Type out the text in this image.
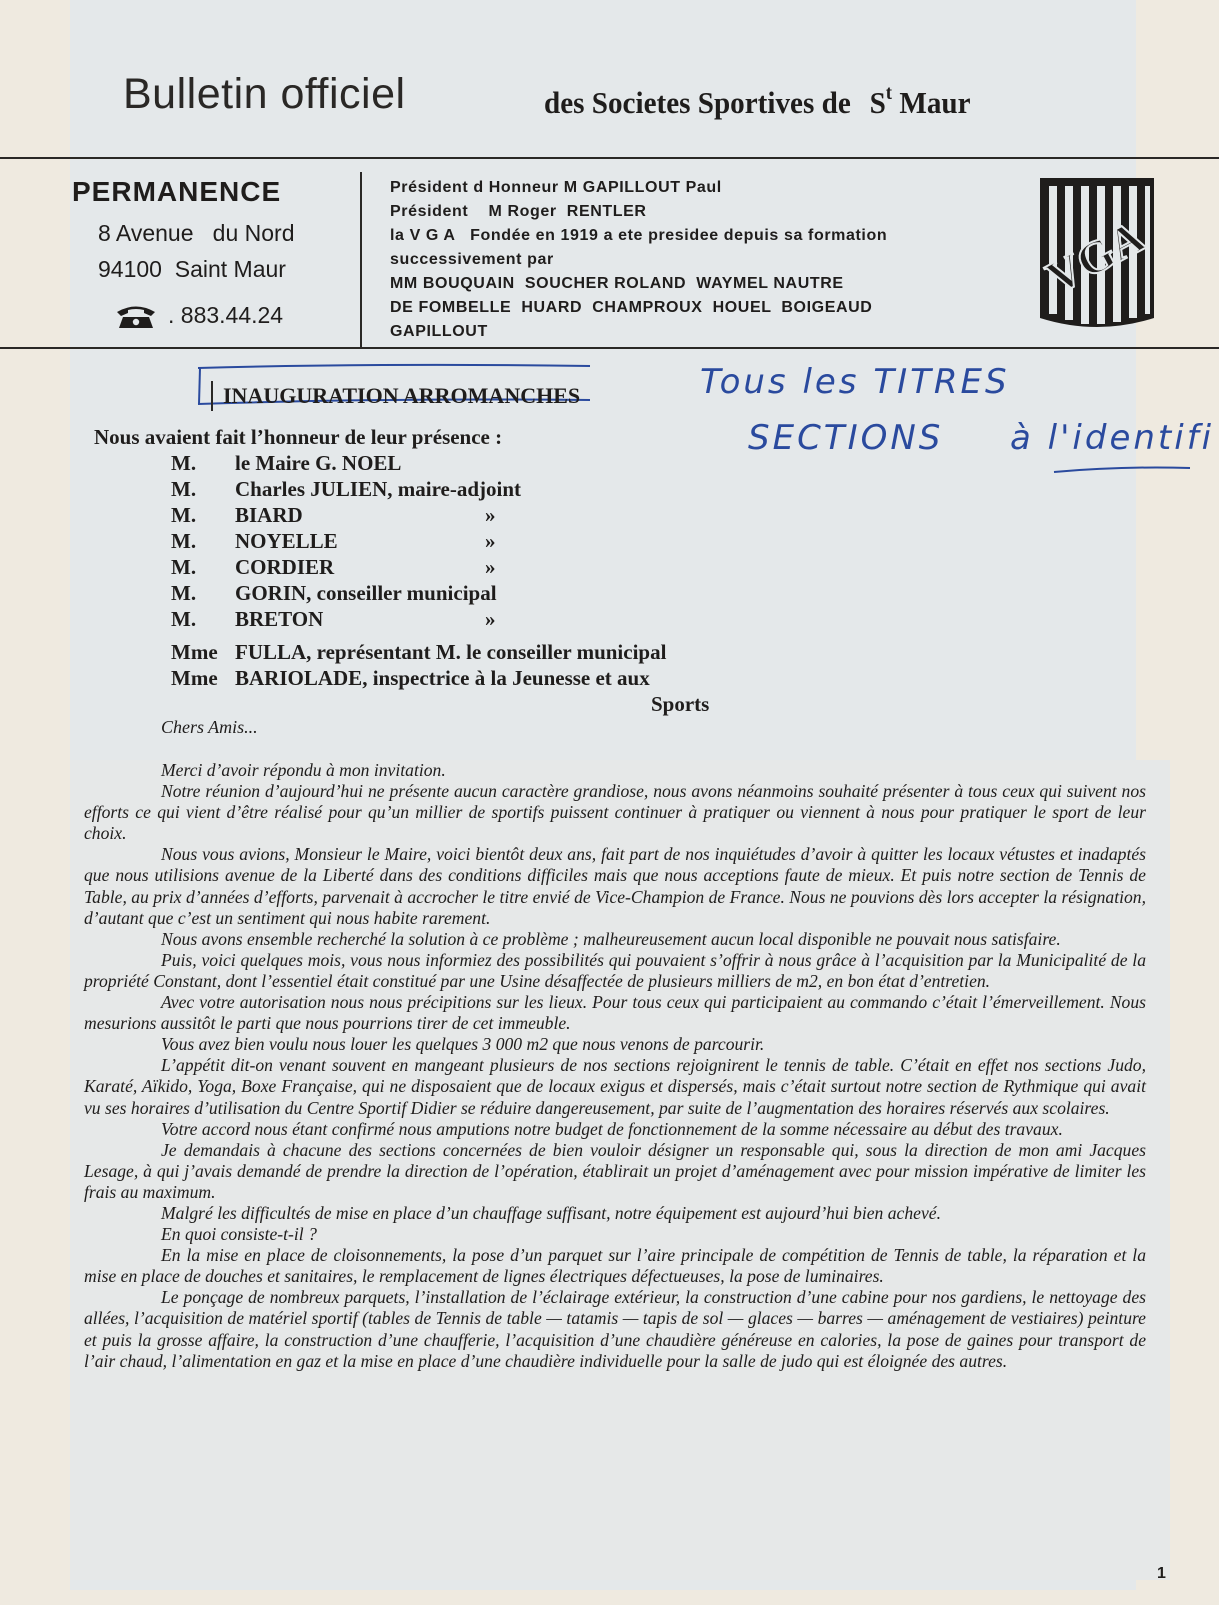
Bulletin officiel	des Societes Sportives de $S^t$ Maur
PERMANENCE
8 Avenue   du Nord
94100  Saint Maur
. 883.44.24
Président d Honneur M GAPILLOUT Paul
Président    M Roger  RENTLER
la V G A   Fondée en 1919 a ete presidee depuis sa formation
successivement par
MM BOUQUAIN  SOUCHER ROLAND  WAYMEL NAUTRE
DE FOMBELLE  HUARD  CHAMPROUX  HOUEL  BOIGEAUD
GAPILLOUT
VGA
INAUGURATION ARROMANCHES	Tous les TITRES
SECTIONS à l'identifi
Nous avaient fait l’honneur de leur présence :
M. le Maire G. NOEL
M. Charles JULIEN, maire-adjoint
M. BIARD	»
M. NOYELLE	»
M. CORDIER	»
M. GORIN, conseiller municipal
M. BRETON	»
Mme FULLA, représentant M. le conseiller municipal
Mme BARIOLADE, inspectrice à la Jeunesse et aux
Sports
Chers Amis...

Merci d’avoir répondu à mon invitation.

Notre réunion d’aujourd’hui ne présente aucun caractère grandiose, nous avons néanmoins souhaité présenter à tous ceux qui suivent nos efforts ce qui vient d’être réalisé pour qu’un millier de sportifs puissent continuer à pratiquer ou viennent à nous pour pratiquer le sport de leur choix.

Nous vous avions, Monsieur le Maire, voici bientôt deux ans, fait part de nos inquiétudes d’avoir à quitter les locaux vétustes et inadaptés que nous utilisions avenue de la Liberté dans des conditions difficiles mais que nous acceptions faute de mieux. Et puis notre section de Tennis de Table, au prix d’années d’efforts, parvenait à accrocher le titre envié de Vice-Champion de France. Nous ne pouvions dès lors accepter la résignation, d’autant que c’est un sentiment qui nous habite rarement.

Nous avons ensemble recherché la solution à ce problème ; malheureusement aucun local disponible ne pouvait nous satisfaire.

Puis, voici quelques mois, vous nous informiez des possibilités qui pouvaient s’offrir à nous grâce à l’acquisition par la Municipalité de la propriété Constant, dont l’essentiel était constitué par une Usine désaffectée de plusieurs milliers de m2, en bon état d’entretien.

Avec votre autorisation nous nous précipitions sur les lieux. Pour tous ceux qui participaient au commando c’était l’émerveillement. Nous mesurions aussitôt le parti que nous pourrions tirer de cet immeuble.

Vous avez bien voulu nous louer les quelques 3 000 m2 que nous venons de parcourir.

L’appétit dit-on venant souvent en mangeant plusieurs de nos sections rejoignirent le tennis de table. C’était en effet nos sections Judo, Karaté, Aïkido, Yoga, Boxe Française, qui ne disposaient que de locaux exigus et dispersés, mais c’était surtout notre section de Rythmique qui avait vu ses horaires d’utilisation du Centre Sportif Didier se réduire dangereusement, par suite de l’augmentation des horaires réservés aux scolaires.

Votre accord nous étant confirmé nous amputions notre budget de fonctionnement de la somme nécessaire au début des travaux.

Je demandais à chacune des sections concernées de bien vouloir désigner un responsable qui, sous la direction de mon ami Jacques Lesage, à qui j’avais demandé de prendre la direction de l’opération, établirait un projet d’aménagement avec pour mission impérative de limiter les frais au maximum.

Malgré les difficultés de mise en place d’un chauffage suffisant, notre équipement est aujourd’hui bien achevé.

En quoi consiste-t-il ?

En la mise en place de cloisonnements, la pose d’un parquet sur l’aire principale de compétition de Tennis de table, la réparation et la mise en place de douches et sanitaires, le remplacement de lignes électriques défectueuses, la pose de luminaires.

Le ponçage de nombreux parquets, l’installation de l’éclairage extérieur, la construction d’une cabine pour nos gardiens, le nettoyage des allées, l’acquisition de matériel sportif (tables de Tennis de table — tatamis — tapis de sol — glaces — barres — aménagement de vestiaires) peinture et puis la grosse affaire, la construction d’une chaufferie, l’acquisition d’une chaudière généreuse en calories, la pose de gaines pour transport de l’air chaud, l’alimentation en gaz et la mise en place d’une chaudière individuelle pour la salle de judo qui est éloignée des autres.

1
